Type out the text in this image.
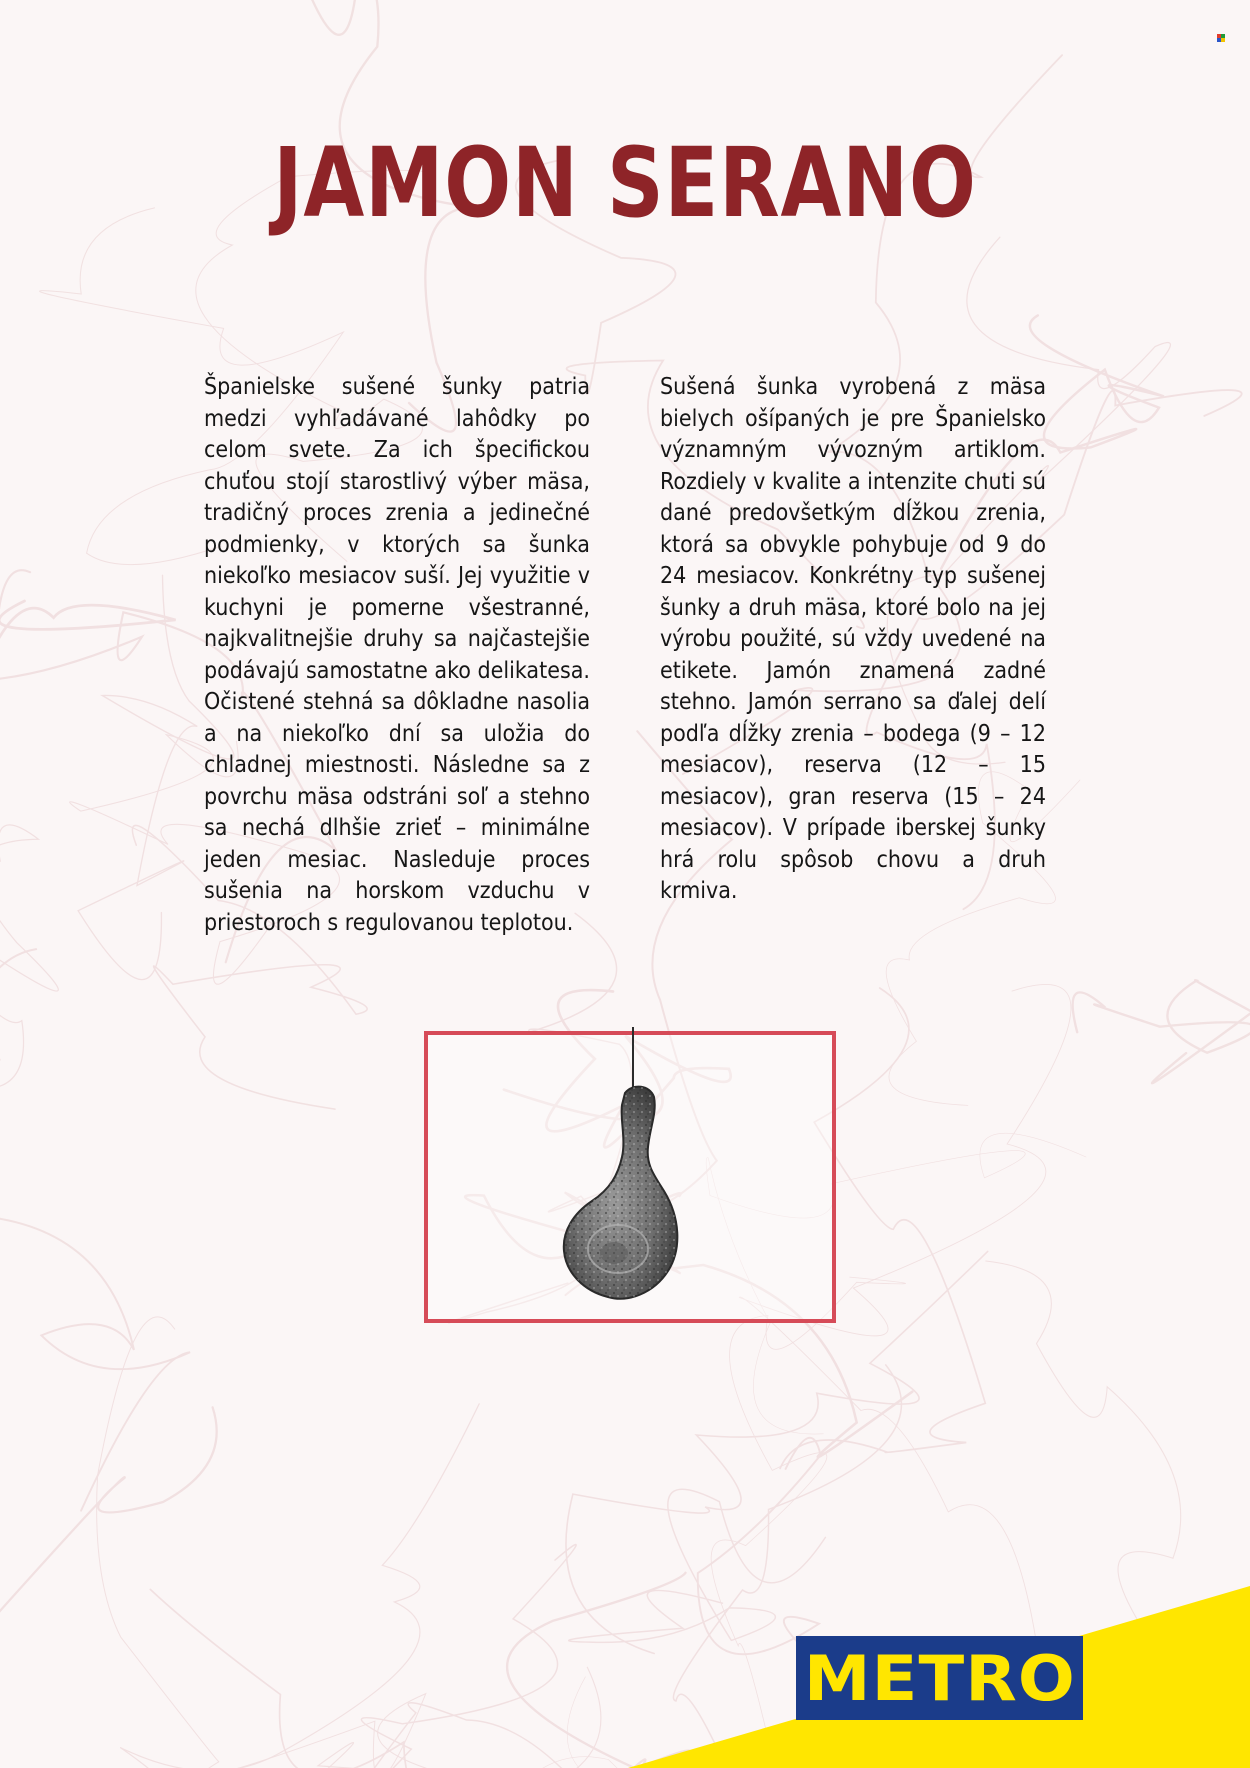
JAMON SERANO

Španielske sušené šunky patria medzi vyhľadávané lahôdky po celom svete. Za ich špecifickou chuťou stojí starostlivý výber mäsa, tradičný proces zrenia a jedinečné podmienky, v ktorých sa šunka niekoľko mesiacov suší. Jej využitie v kuchyni je pomerne všestranné, najkvalitnejšie druhy sa najčastejšie podávajú samostatne ako delikatesa. Očistené stehná sa dôkladne nasolia a na niekoľko dní sa uložia do chladnej miestnosti. Následne sa z povrchu mäsa odstráni soľ a stehno sa nechá dlhšie zrieť – minimálne jeden mesiac. Nasleduje proces sušenia na horskom vzduchu v priestoroch s regulovanou teplotou.

Sušená šunka vyrobená z mäsa bielych ošípaných je pre Španielsko významným vývozným artiklom. Rozdiely v kvalite a intenzite chuti sú dané predovšetkým dĺžkou zrenia, ktorá sa obvykle pohybuje od 9 do 24 mesiacov. Konkrétny typ sušenej šunky a druh mäsa, ktoré bolo na jej výrobu použité, sú vždy uvedené na etikete. Jamón znamená zadné stehno. Jamón serrano sa ďalej delí podľa dĺžky zrenia – bodega (9 – 12 mesiacov), reserva (12 – 15 mesiacov), gran reserva (15 – 24 mesiacov). V prípade iberskej šunky hrá rolu spôsob chovu a druh krmiva.

METRO
